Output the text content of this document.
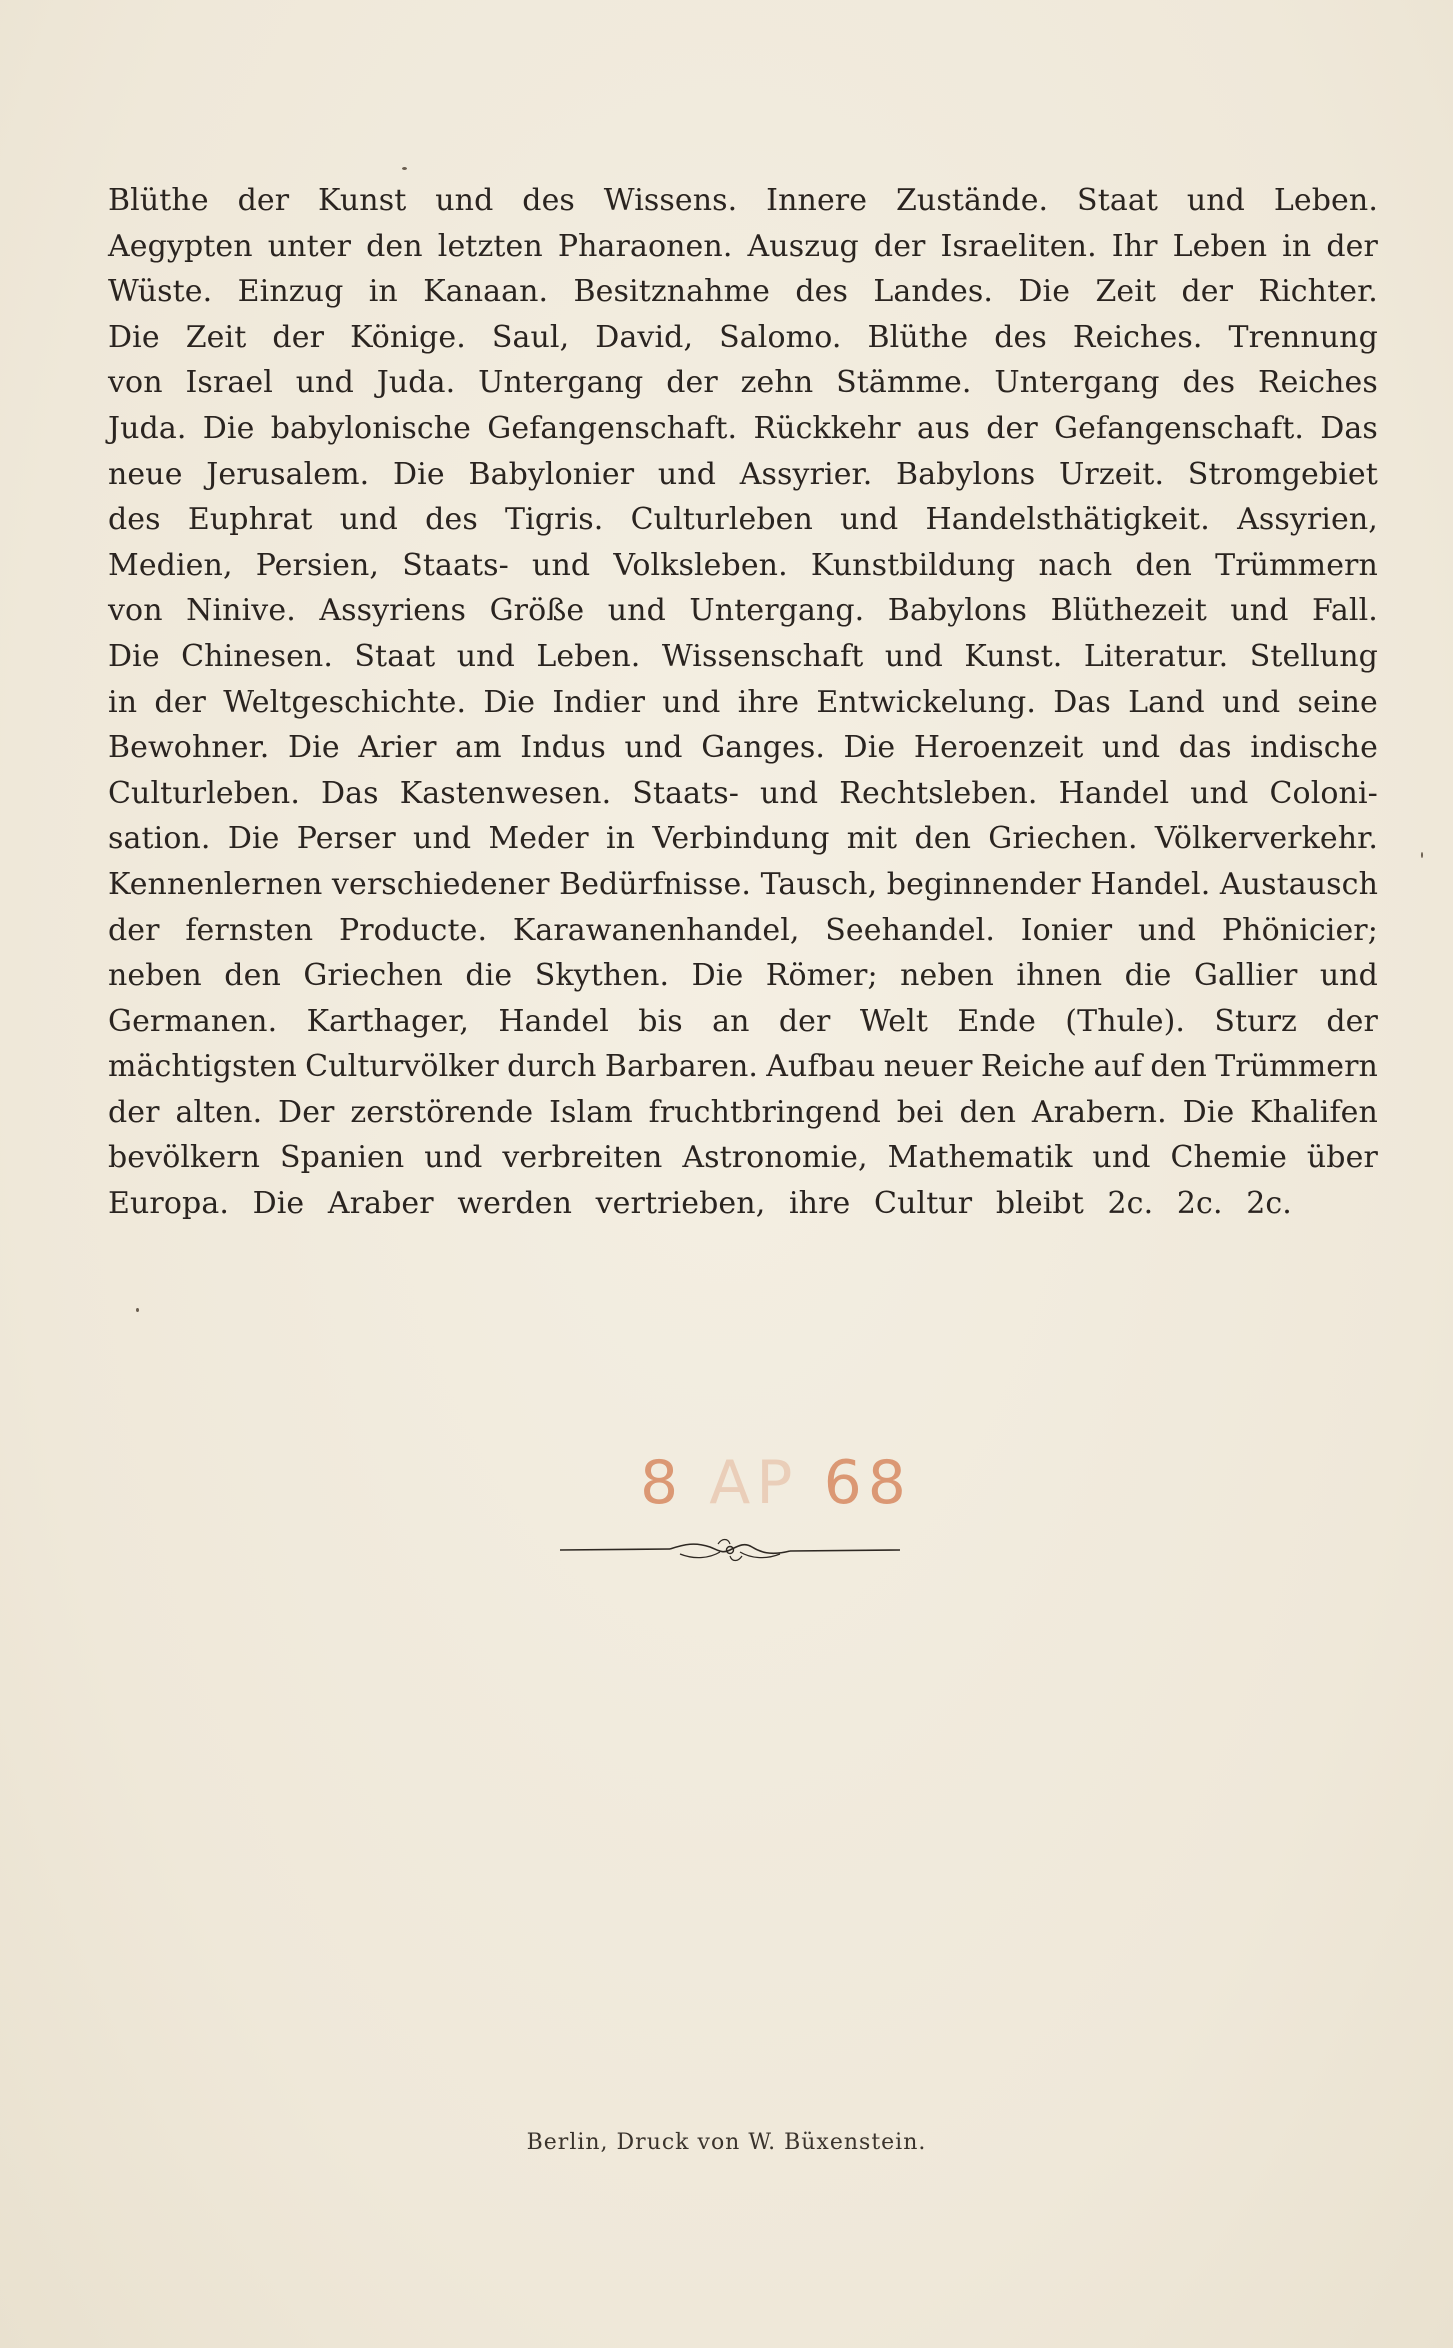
Blüthe der Kunst und des Wissens. Innere Zustände. Staat und Leben.
Aegypten unter den letzten Pharaonen. Auszug der Israeliten. Ihr Leben in der
Wüste. Einzug in Kanaan. Besitznahme des Landes. Die Zeit der Richter.
Die Zeit der Könige. Saul, David, Salomo. Blüthe des Reiches. Trennung
von Israel und Juda. Untergang der zehn Stämme. Untergang des Reiches
Juda. Die babylonische Gefangenschaft. Rückkehr aus der Gefangenschaft. Das
neue Jerusalem. Die Babylonier und Assyrier. Babylons Urzeit. Stromgebiet
des Euphrat und des Tigris. Culturleben und Handelsthätigkeit. Assyrien,
Medien, Persien, Staats- und Volksleben. Kunstbildung nach den Trümmern
von Ninive. Assyriens Größe und Untergang. Babylons Blüthezeit und Fall.
Die Chinesen. Staat und Leben. Wissenschaft und Kunst. Literatur. Stellung
in der Weltgeschichte. Die Indier und ihre Entwickelung. Das Land und seine
Bewohner. Die Arier am Indus und Ganges. Die Heroenzeit und das indische
Culturleben. Das Kastenwesen. Staats- und Rechtsleben. Handel und Coloni-
sation. Die Perser und Meder in Verbindung mit den Griechen. Völkerverkehr.
Kennenlernen verschiedener Bedürfnisse. Tausch, beginnender Handel. Austausch
der fernsten Producte. Karawanenhandel, Seehandel. Ionier und Phönicier;
neben den Griechen die Skythen. Die Römer; neben ihnen die Gallier und
Germanen. Karthager, Handel bis an der Welt Ende (Thule). Sturz der
mächtigsten Culturvölker durch Barbaren. Aufbau neuer Reiche auf den Trümmern
der alten. Der zerstörende Islam fruchtbringend bei den Arabern. Die Khalifen
bevölkern Spanien und verbreiten Astronomie, Mathematik und Chemie über
Europa. Die Araber werden vertrieben, ihre Cultur bleibt 2c. 2c. 2c.
8 AP 68
Berlin, Druck von W. Büxenstein.
